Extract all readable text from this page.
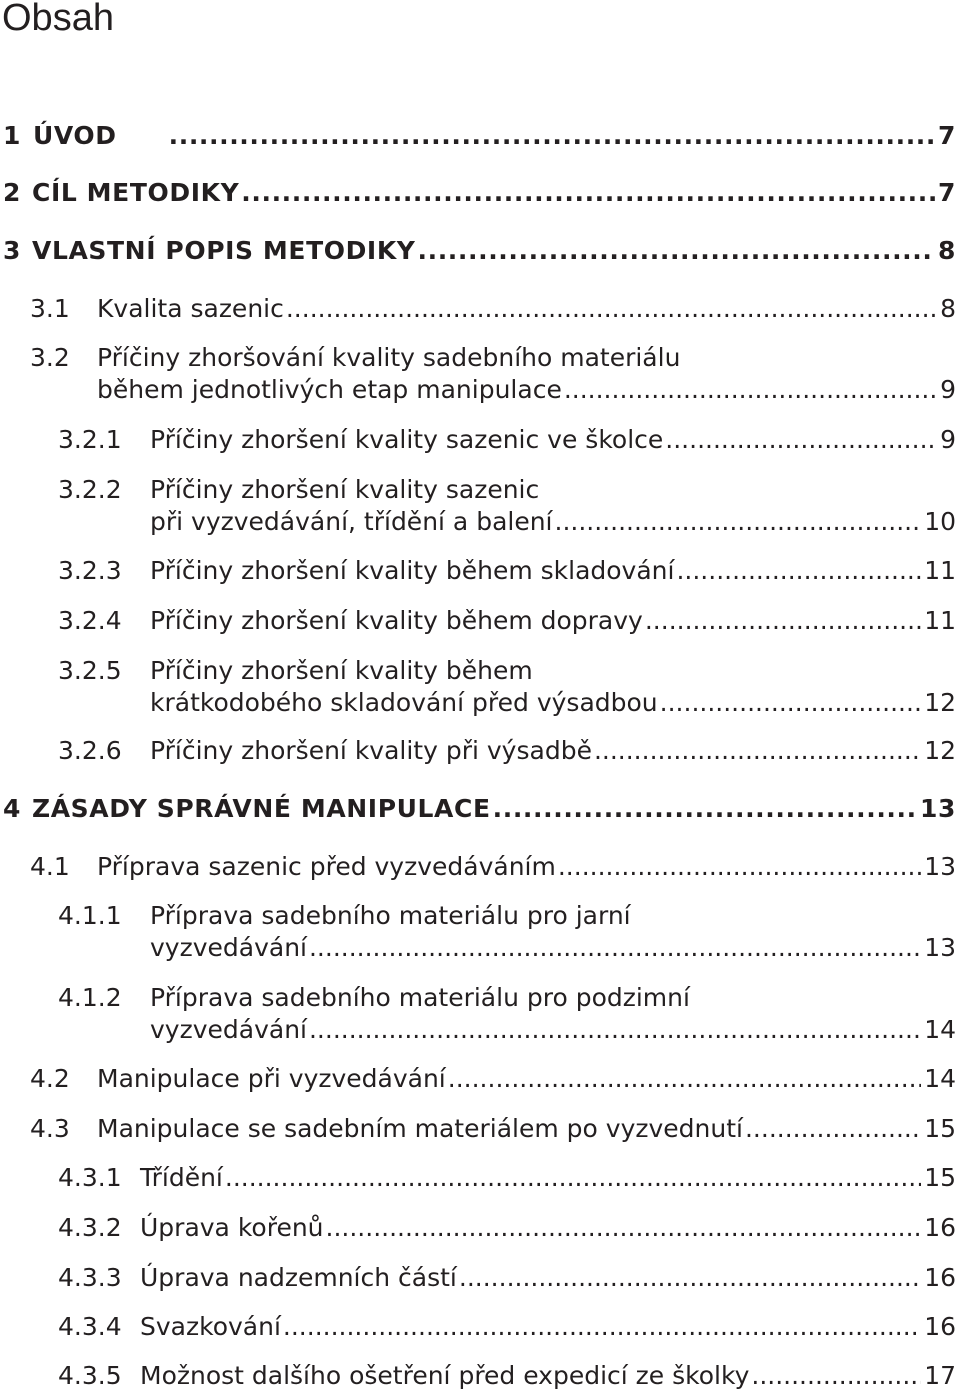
Obsah
1 ÚVOD .....	7
2 CÍL METODIKY .....	7
3 VLASTNÍ POPIS METODIKY .....	8
3.1	Kvalita sazenic .....	8
3.2	Příčiny zhoršování kvality sadebního materiálu
během jednotlivých etap manipulace .....	9
3.2.1	Příčiny zhoršení kvality sazenic ve školce .....	9
3.2.2	Příčiny zhoršení kvality sazenic
při vyzvedávání, třídění a balení .....	10
3.2.3	Příčiny zhoršení kvality během skladování .....	11
3.2.4	Příčiny zhoršení kvality během dopravy .....	11
3.2.5	Příčiny zhoršení kvality během
krátkodobého skladování před výsadbou .....	12
3.2.6	Příčiny zhoršení kvality při výsadbě .....	12
4 ZÁSADY SPRÁVNÉ MANIPULACE .....	13
4.1	Příprava sazenic před vyzvedáváním .....	13
4.1.1	Příprava sadebního materiálu pro jarní
vyzvedávání .....	13
4.1.2	Příprava sadebního materiálu pro podzimní
vyzvedávání .....	14
4.2	Manipulace při vyzvedávání .....	14
4.3	Manipulace se sadebním materiálem po vyzvednutí .....	15
4.3.1 Třídění .....	15
4.3.2 Úprava kořenů .....	16
4.3.3 Úprava nadzemních částí .....	16
4.3.4 Svazkování .....	16
4.3.5 Možnost dalšího ošetření před expedicí ze školky .....	17
